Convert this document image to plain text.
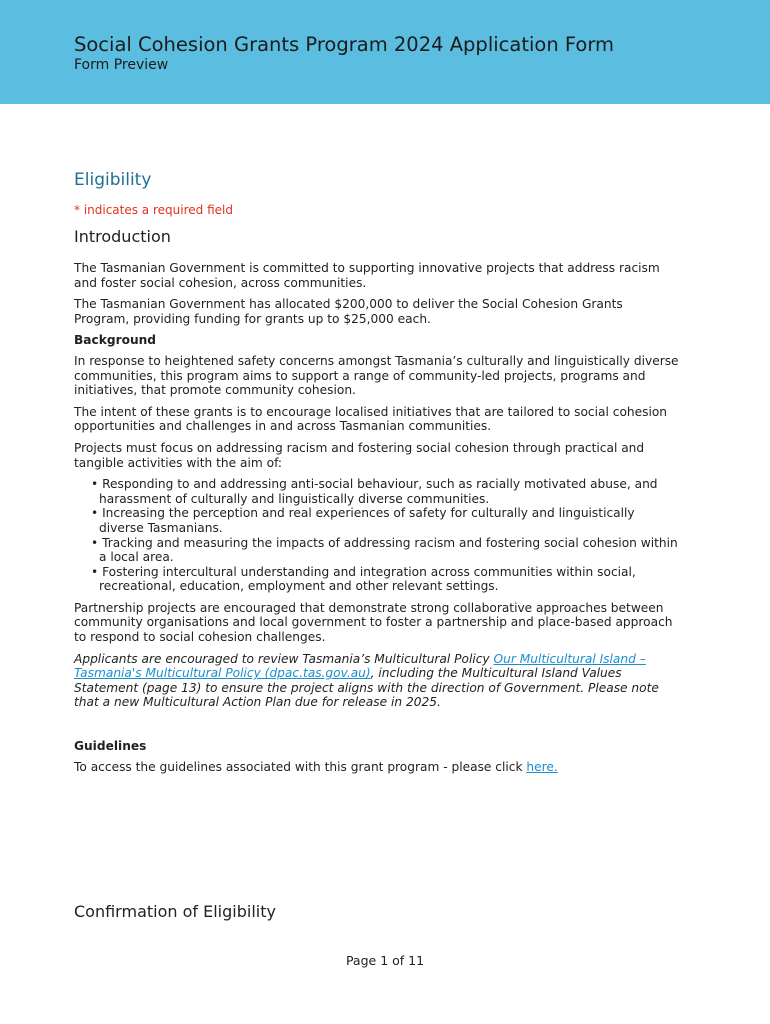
Social Cohesion Grants Program 2024 Application Form
Form Preview
Eligibility
* indicates a required field
Introduction

The Tasmanian Government is committed to supporting innovative projects that address racism and foster social cohesion, across communities.

The Tasmanian Government has allocated $200,000 to deliver the Social Cohesion Grants Program, providing funding for grants up to $25,000 each.

Background

In response to heightened safety concerns amongst Tasmania’s culturally and linguistically diverse communities, this program aims to support a range of community-led projects, programs and initiatives, that promote community cohesion.

The intent of these grants is to encourage localised initiatives that are tailored to social cohesion opportunities and challenges in and across Tasmanian communities.

Projects must focus on addressing racism and fostering social cohesion through practical and tangible activities with the aim of:

• Responding to and addressing anti-social behaviour, such as racially motivated abuse, and harassment of culturally and linguistically diverse communities.
• Increasing the perception and real experiences of safety for culturally and linguistically diverse Tasmanians.
• Tracking and measuring the impacts of addressing racism and fostering social cohesion within a local area.
• Fostering intercultural understanding and integration across communities within social, recreational, education, employment and other relevant settings.

Partnership projects are encouraged that demonstrate strong collaborative approaches between community organisations and local government to foster a partnership and place-based approach to respond to social cohesion challenges.

Applicants are encouraged to review Tasmania’s Multicultural Policy Our Multicultural Island – Tasmania's Multicultural Policy (dpac.tas.gov.au), including the Multicultural Island Values Statement (page 13) to ensure the project aligns with the direction of Government. Please note that a new Multicultural Action Plan due for release in 2025.

Guidelines

To access the guidelines associated with this grant program - please click here.

Confirmation of Eligibility
Page 1 of 11
